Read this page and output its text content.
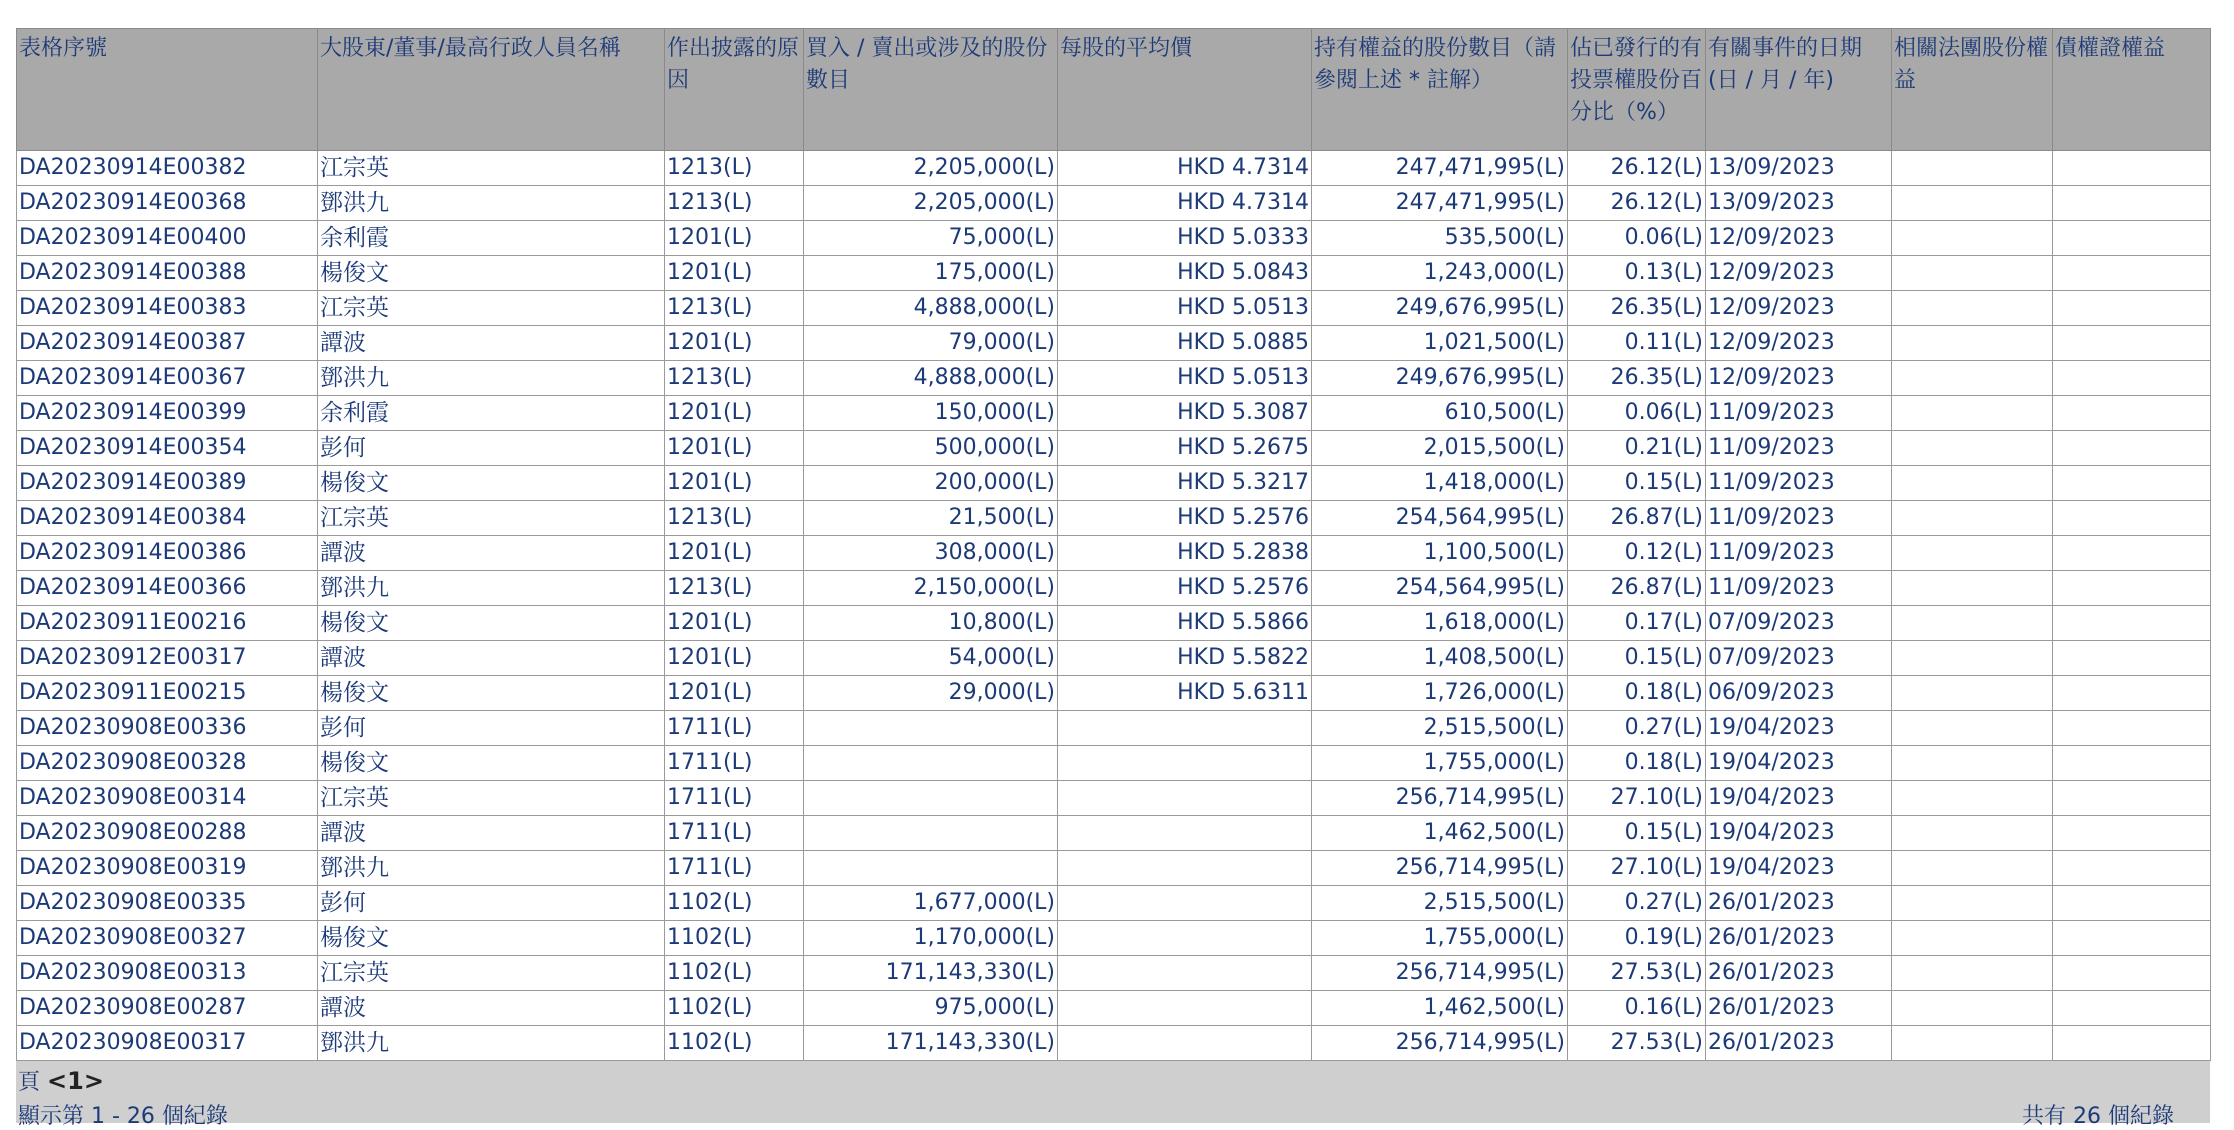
表格序號	大股東/董事/最高行政人員名稱	作出披露的原因	買入 / 賣出或涉及的股份數目	每股的平均價	持有權益的股份數目（請參閱上述 * 註解）	佔已發行的有投票權股份百分比（%）	有關事件的日期(日 / 月 / 年)	相關法團股份權益	債權證權益
DA20230914E00382	江宗英	1213(L)	2,205,000(L)	HKD 4.7314	247,471,995(L)	26.12(L)	13/09/2023		
DA20230914E00368	鄧洪九	1213(L)	2,205,000(L)	HKD 4.7314	247,471,995(L)	26.12(L)	13/09/2023		
DA20230914E00400	余利霞	1201(L)	75,000(L)	HKD 5.0333	535,500(L)	0.06(L)	12/09/2023		
DA20230914E00388	楊俊文	1201(L)	175,000(L)	HKD 5.0843	1,243,000(L)	0.13(L)	12/09/2023		
DA20230914E00383	江宗英	1213(L)	4,888,000(L)	HKD 5.0513	249,676,995(L)	26.35(L)	12/09/2023		
DA20230914E00387	譚波	1201(L)	79,000(L)	HKD 5.0885	1,021,500(L)	0.11(L)	12/09/2023		
DA20230914E00367	鄧洪九	1213(L)	4,888,000(L)	HKD 5.0513	249,676,995(L)	26.35(L)	12/09/2023		
DA20230914E00399	余利霞	1201(L)	150,000(L)	HKD 5.3087	610,500(L)	0.06(L)	11/09/2023		
DA20230914E00354	彭何	1201(L)	500,000(L)	HKD 5.2675	2,015,500(L)	0.21(L)	11/09/2023		
DA20230914E00389	楊俊文	1201(L)	200,000(L)	HKD 5.3217	1,418,000(L)	0.15(L)	11/09/2023		
DA20230914E00384	江宗英	1213(L)	21,500(L)	HKD 5.2576	254,564,995(L)	26.87(L)	11/09/2023		
DA20230914E00386	譚波	1201(L)	308,000(L)	HKD 5.2838	1,100,500(L)	0.12(L)	11/09/2023		
DA20230914E00366	鄧洪九	1213(L)	2,150,000(L)	HKD 5.2576	254,564,995(L)	26.87(L)	11/09/2023		
DA20230911E00216	楊俊文	1201(L)	10,800(L)	HKD 5.5866	1,618,000(L)	0.17(L)	07/09/2023		
DA20230912E00317	譚波	1201(L)	54,000(L)	HKD 5.5822	1,408,500(L)	0.15(L)	07/09/2023		
DA20230911E00215	楊俊文	1201(L)	29,000(L)	HKD 5.6311	1,726,000(L)	0.18(L)	06/09/2023		
DA20230908E00336	彭何	1711(L)			2,515,500(L)	0.27(L)	19/04/2023		
DA20230908E00328	楊俊文	1711(L)			1,755,000(L)	0.18(L)	19/04/2023		
DA20230908E00314	江宗英	1711(L)			256,714,995(L)	27.10(L)	19/04/2023		
DA20230908E00288	譚波	1711(L)			1,462,500(L)	0.15(L)	19/04/2023		
DA20230908E00319	鄧洪九	1711(L)			256,714,995(L)	27.10(L)	19/04/2023		
DA20230908E00335	彭何	1102(L)	1,677,000(L)		2,515,500(L)	0.27(L)	26/01/2023		
DA20230908E00327	楊俊文	1102(L)	1,170,000(L)		1,755,000(L)	0.19(L)	26/01/2023		
DA20230908E00313	江宗英	1102(L)	171,143,330(L)		256,714,995(L)	27.53(L)	26/01/2023		
DA20230908E00287	譚波	1102(L)	975,000(L)		1,462,500(L)	0.16(L)	26/01/2023		
DA20230908E00317	鄧洪九	1102(L)	171,143,330(L)		256,714,995(L)	27.53(L)	26/01/2023		
頁 <1>
顯示第 1 - 26 個紀錄	共有 26 個紀錄
